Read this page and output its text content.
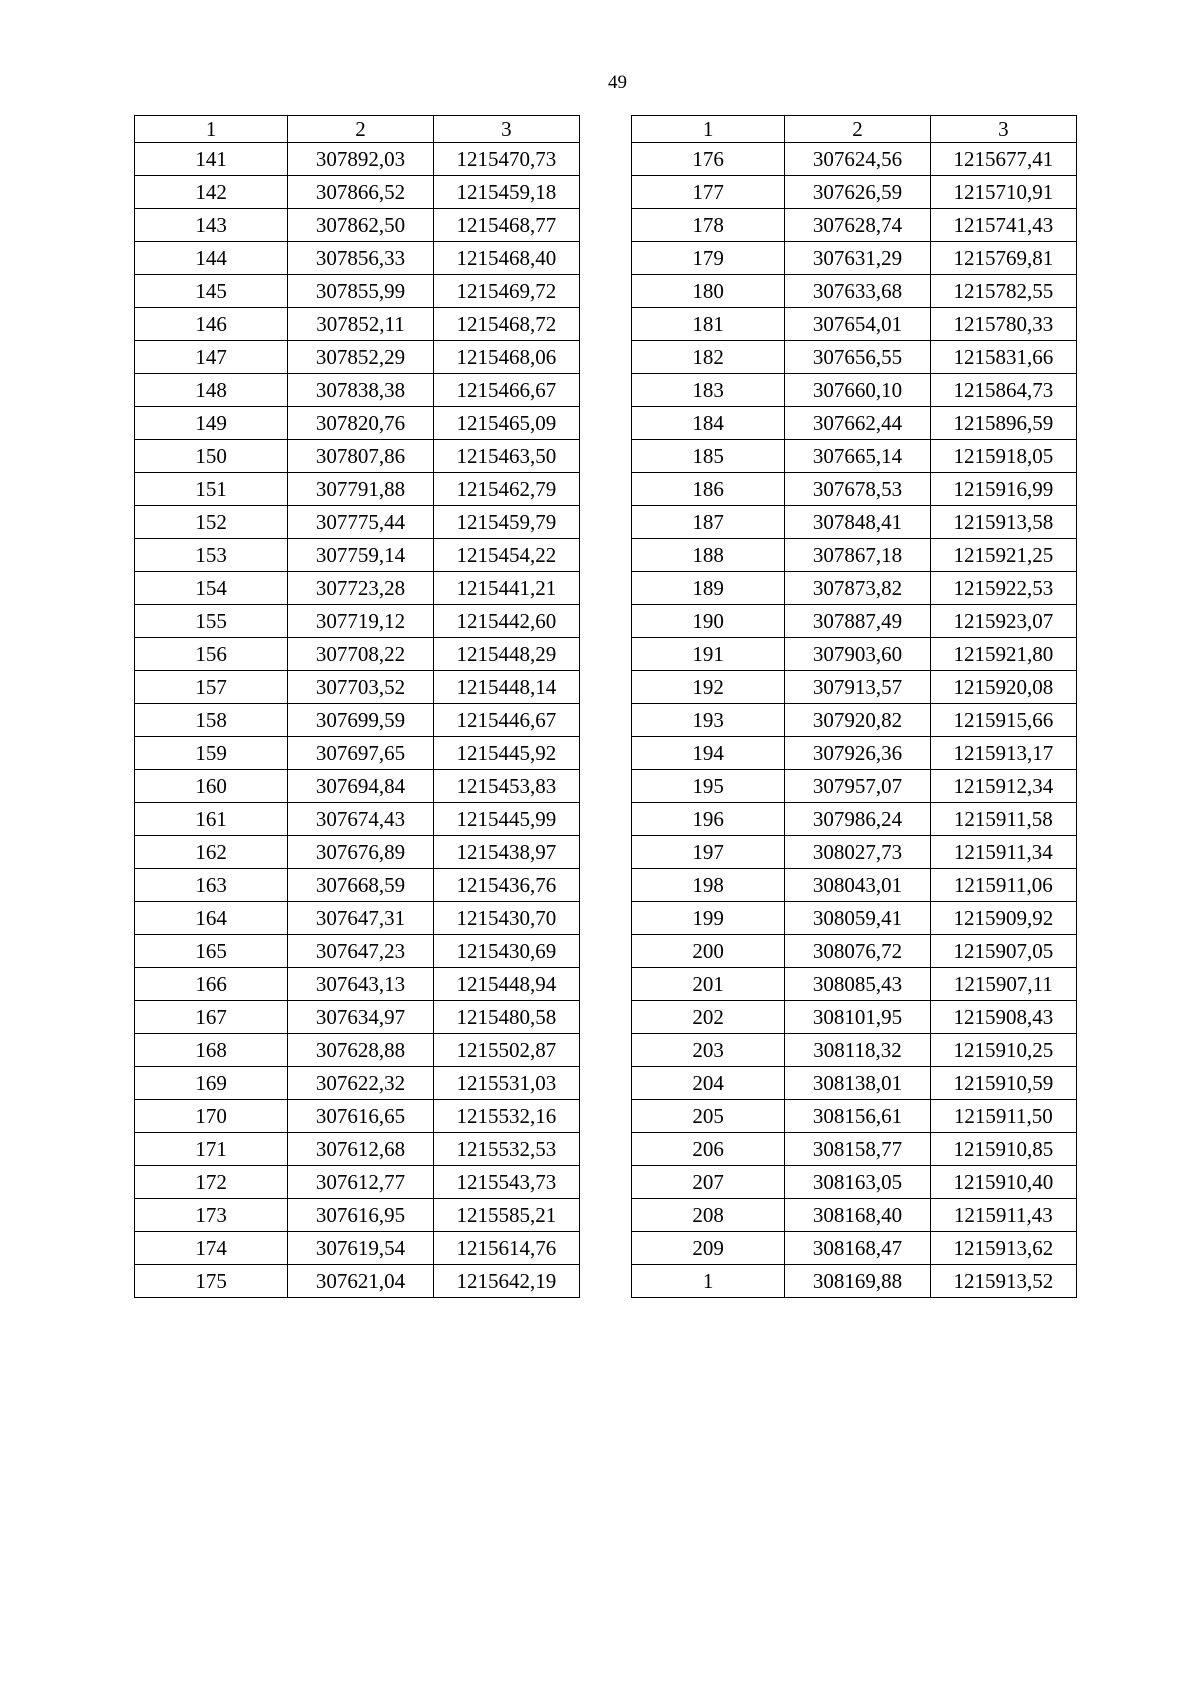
49
1	2	3
141	307892,03	1215470,73
142	307866,52	1215459,18
143	307862,50	1215468,77
144	307856,33	1215468,40
145	307855,99	1215469,72
146	307852,11	1215468,72
147	307852,29	1215468,06
148	307838,38	1215466,67
149	307820,76	1215465,09
150	307807,86	1215463,50
151	307791,88	1215462,79
152	307775,44	1215459,79
153	307759,14	1215454,22
154	307723,28	1215441,21
155	307719,12	1215442,60
156	307708,22	1215448,29
157	307703,52	1215448,14
158	307699,59	1215446,67
159	307697,65	1215445,92
160	307694,84	1215453,83
161	307674,43	1215445,99
162	307676,89	1215438,97
163	307668,59	1215436,76
164	307647,31	1215430,70
165	307647,23	1215430,69
166	307643,13	1215448,94
167	307634,97	1215480,58
168	307628,88	1215502,87
169	307622,32	1215531,03
170	307616,65	1215532,16
171	307612,68	1215532,53
172	307612,77	1215543,73
173	307616,95	1215585,21
174	307619,54	1215614,76
175	307621,04	1215642,19
1	2	3
176	307624,56	1215677,41
177	307626,59	1215710,91
178	307628,74	1215741,43
179	307631,29	1215769,81
180	307633,68	1215782,55
181	307654,01	1215780,33
182	307656,55	1215831,66
183	307660,10	1215864,73
184	307662,44	1215896,59
185	307665,14	1215918,05
186	307678,53	1215916,99
187	307848,41	1215913,58
188	307867,18	1215921,25
189	307873,82	1215922,53
190	307887,49	1215923,07
191	307903,60	1215921,80
192	307913,57	1215920,08
193	307920,82	1215915,66
194	307926,36	1215913,17
195	307957,07	1215912,34
196	307986,24	1215911,58
197	308027,73	1215911,34
198	308043,01	1215911,06
199	308059,41	1215909,92
200	308076,72	1215907,05
201	308085,43	1215907,11
202	308101,95	1215908,43
203	308118,32	1215910,25
204	308138,01	1215910,59
205	308156,61	1215911,50
206	308158,77	1215910,85
207	308163,05	1215910,40
208	308168,40	1215911,43
209	308168,47	1215913,62
1	308169,88	1215913,52
